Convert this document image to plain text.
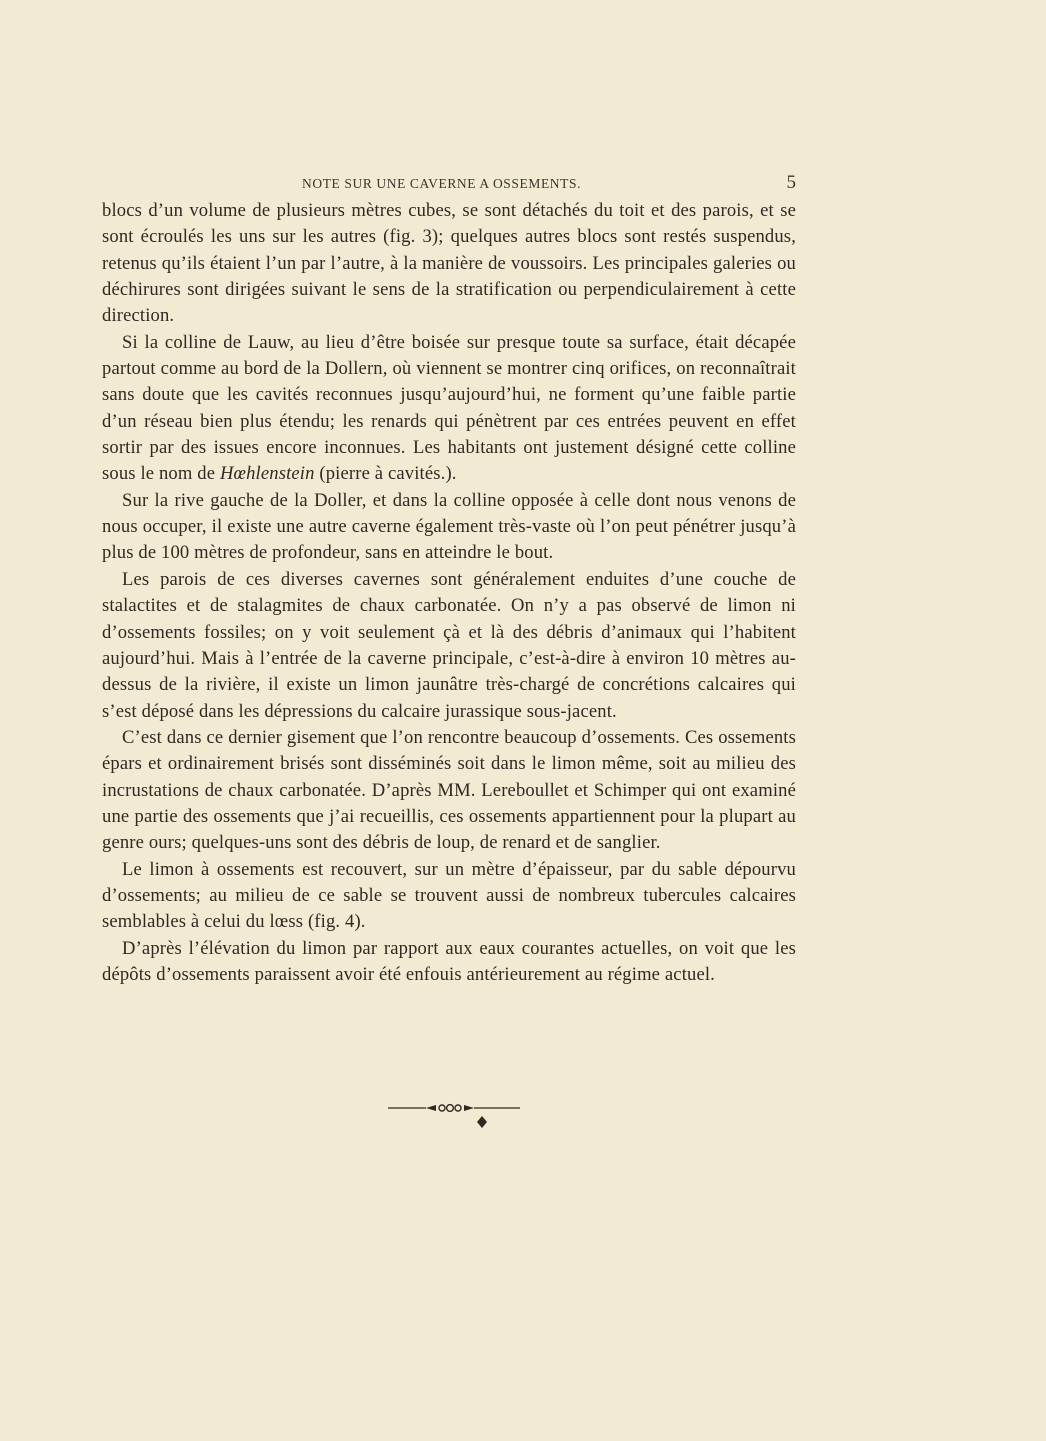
NOTE SUR UNE CAVERNE A OSSEMENTS.	5

blocs d’un volume de plusieurs mètres cubes, se sont détachés du toit et des parois, et se sont écroulés les uns sur les autres (fig. 3); quelques autres blocs sont restés suspendus, retenus qu’ils étaient l’un par l’autre, à la manière de voussoirs. Les principales galeries ou déchirures sont dirigées suivant le sens de la stratification ou perpendiculairement à cette direction.

Si la colline de Lauw, au lieu d’être boisée sur presque toute sa surface, était décapée partout comme au bord de la Dollern, où viennent se montrer cinq orifices, on reconnaîtrait sans doute que les cavités reconnues jusqu’aujourd’hui, ne forment qu’une faible partie d’un réseau bien plus étendu; les renards qui pénètrent par ces entrées peuvent en effet sortir par des issues encore inconnues. Les habitants ont justement désigné cette colline sous le nom de Hœhlenstein (pierre à cavités.).

Sur la rive gauche de la Doller, et dans la colline opposée à celle dont nous venons de nous occuper, il existe une autre caverne également très-vaste où l’on peut pénétrer jusqu’à plus de 100 mètres de profondeur, sans en atteindre le bout.

Les parois de ces diverses cavernes sont généralement enduites d’une couche de stalactites et de stalagmites de chaux carbonatée. On n’y a pas observé de limon ni d’ossements fossiles; on y voit seulement çà et là des débris d’animaux qui l’habitent aujourd’hui. Mais à l’entrée de la caverne principale, c’est-à-dire à environ 10 mètres au-dessus de la rivière, il existe un limon jaunâtre très-chargé de concrétions calcaires qui s’est déposé dans les dépressions du calcaire jurassique sous-jacent.

C’est dans ce dernier gisement que l’on rencontre beaucoup d’ossements. Ces ossements épars et ordinairement brisés sont disséminés soit dans le limon même, soit au milieu des incrustations de chaux carbonatée. D’après MM. Lereboullet et Schimper qui ont examiné une partie des ossements que j’ai recueillis, ces ossements appartiennent pour la plupart au genre ours; quelques-uns sont des débris de loup, de renard et de sanglier.

Le limon à ossements est recouvert, sur un mètre d’épaisseur, par du sable dépourvu d’ossements; au milieu de ce sable se trouvent aussi de nombreux tubercules calcaires semblables à celui du lœss (fig. 4).

D’après l’élévation du limon par rapport aux eaux courantes actuelles, on voit que les dépôts d’ossements paraissent avoir été enfouis antérieurement au régime actuel.
